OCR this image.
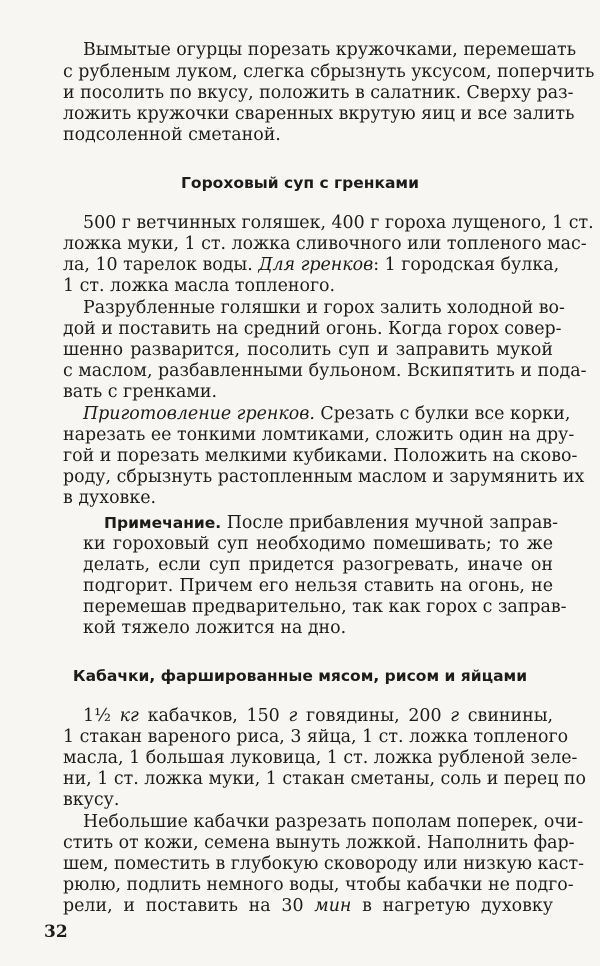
Вымытые огурцы порезать кружочками, перемешать
с рубленым луком, слегка сбрызнуть уксусом, поперчить
и посолить по вкусу, положить в салатник. Сверху раз-
ложить кружочки сваренных вкрутую яиц и все залить
подсоленной сметаной.
Гороховый суп с гренками
500 г ветчинных голяшек, 400 г гороха лущеного, 1 ст.
ложка муки, 1 ст. ложка сливочного или топленого мас-
ла, 10 тарелок воды. Для гренков: 1 городская булка,
1 ст. ложка масла топленого.
Разрубленные голяшки и горох залить холодной во-
дой и поставить на средний огонь. Когда горох совер-
шенно разварится, посолить суп и заправить мукой
с маслом, разбавленными бульоном. Вскипятить и пода-
вать с гренками.
Приготовление гренков. Срезать с булки все корки,
нарезать ее тонкими ломтиками, сложить один на дру-
гой и порезать мелкими кубиками. Положить на сково-
роду, сбрызнуть растопленным маслом и зарумянить их
в духовке.
Примечание. После прибавления мучной заправ-
ки гороховый суп необходимо помешивать; то же
делать, если суп придется разогревать, иначе он
подгорит. Причем его нельзя ставить на огонь, не
перемешав предварительно, так как горох с заправ-
кой тяжело ложится на дно.
Кабачки, фаршированные мясом, рисом и яйцами
1½ кг кабачков, 150 г говядины, 200 г свинины,
1 стакан вареного риса, 3 яйца, 1 ст. ложка топленого
масла, 1 большая луковица, 1 ст. ложка рубленой зеле-
ни, 1 ст. ложка муки, 1 стакан сметаны, соль и перец по
вкусу.
Небольшие кабачки разрезать пополам поперек, очи-
стить от кожи, семена вынуть ложкой. Наполнить фар-
шем, поместить в глубокую сковороду или низкую каст-
рюлю, подлить немного воды, чтобы кабачки не подго-
рели, и поставить на 30 мин в нагретую духовку
32
